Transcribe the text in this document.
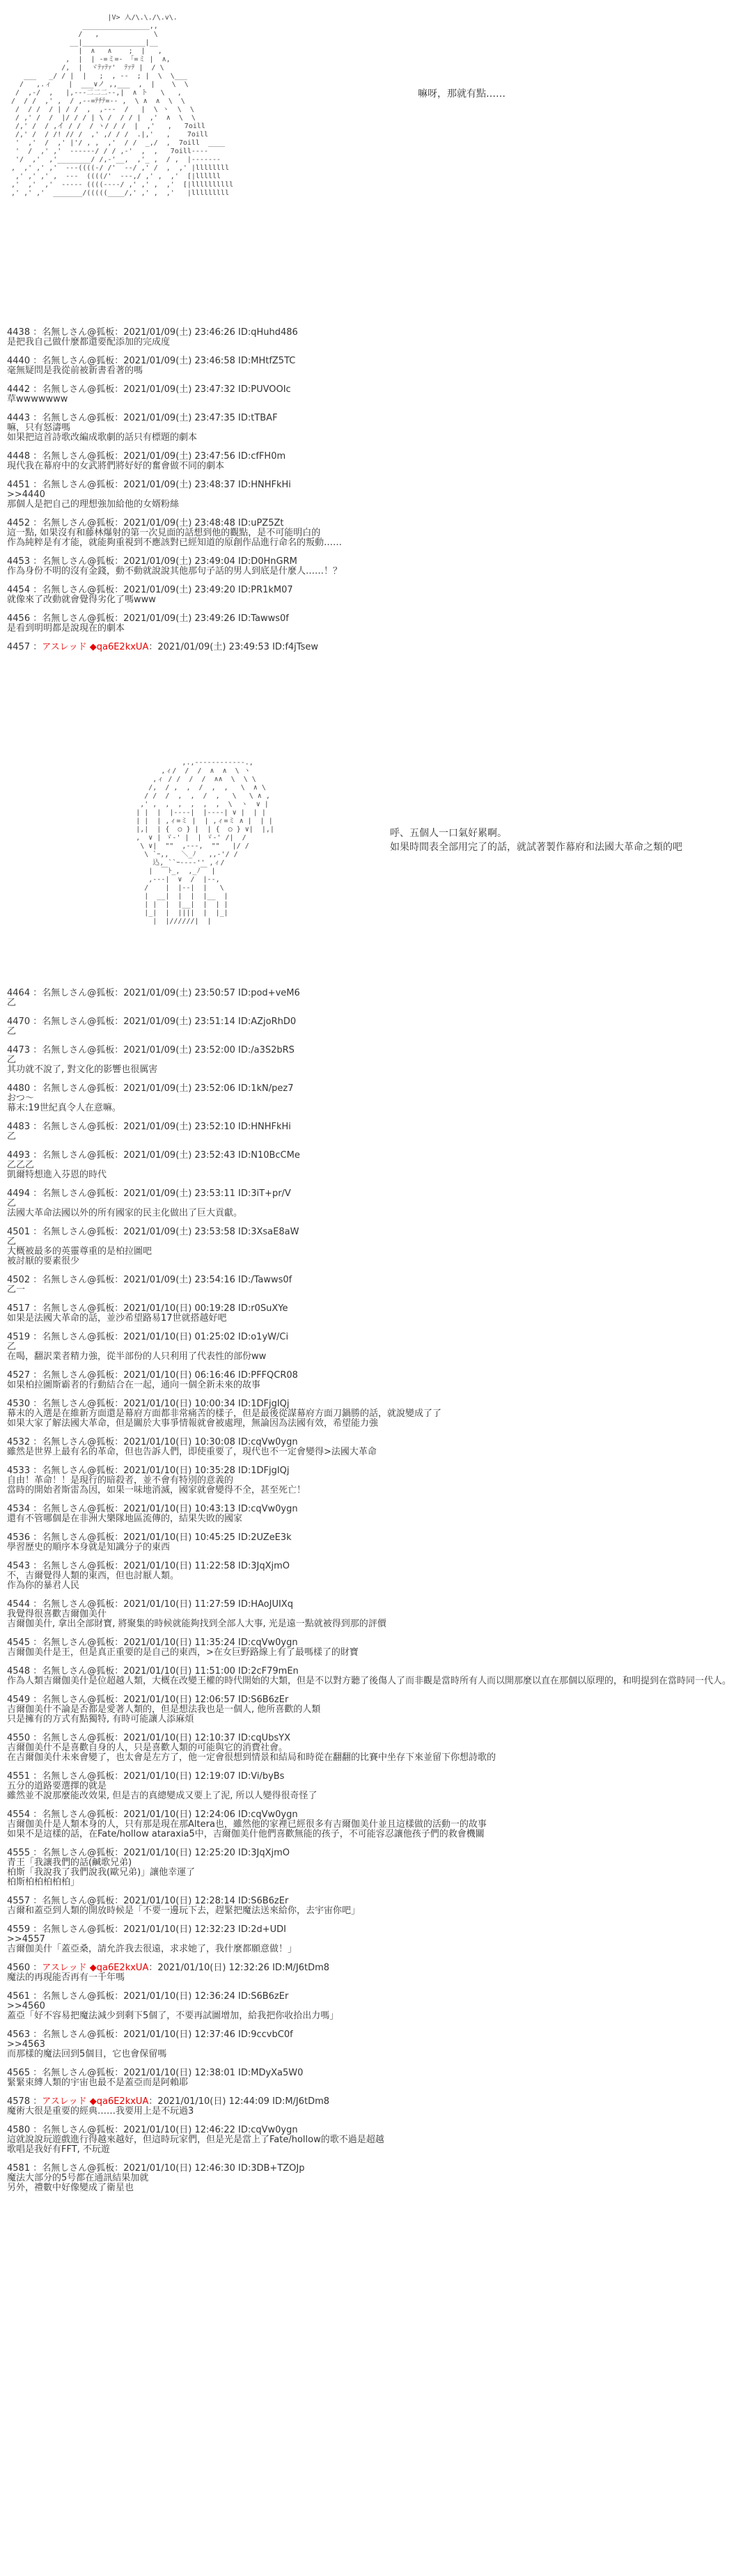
|V> 入/\.\./\.v\.
________________,,
/   ,             \
__|_______________|__
|  ∧   ∧    ;  |   ,
,  |  | -=ミ=- 「=ミ |  ∧,
/,  |  ヾﾃｧﾃｧ'  ﾃｧﾃ |  / \
___   _/ / |  |   ;  , -‐  ; |  \  \___
/   ,.ィ    |  ___∨ノ ,,___  ,  |    \  \
/  ,-/  ,   |,-‐‐二二二‐‐,|  ∧ ト   \   ,
/  / /  ,' ,  / ,-‐=ﾃﾁﾃ=-‐ ,  \ ∧  ∧  \  \
/  / /  / | / /  ,  ,---  /   |  \ ヽ  \  \
/ ,' /  /  |/ / / | \ /  / / |  ,'  ∧  \  \
/,' /  / ,イ / /  / ヽ/ / /  |  ,'   ,   7oill
/,' /  / /! // /  ,' ,/ / /  .|,'   ,    7oill
'  ,'  /  ,' |'/ , ,  ,'  / /  _,/  ,  7oill  ____
'  /  ,' ,'  ‐‐‐‐‐‐/ / / ,-'  ,  ,   7oill‐‐‐‐
'/  ,'  ,'________/ /,-'__,  ,'_ ,  / ,  |‐‐‐‐‐‐‐
,  ,' ,' ,'  ‐‐‐((((‐/ /'  ‐‐/ ,' /  ,  ,' |llllllll
,' ,' ,' ,  ‐‐‐  ((((/'  ‐‐‐,/ ,' ,  ,'  [|llllll
,'  ,'  ,'  ‐‐‐‐‐ ((((‐‐‐‐/ ,' ,' ,  ,'  [|llllllllll
,' ,' ,'  _______/(((((____/,' ,' ,  ,'   |lllllllll
嘛呀，那就有點……
4438 ：名無しさん@狐板：2021/01/09(土) 23:46:26 ID:qHuhd486
是把我自己做什麼都還要配添加的完成度
4440 ：名無しさん@狐板：2021/01/09(土) 23:46:58 ID:MHtfZ5TC
毫無疑問是我從前被新書看著的嗎
4442 ：名無しさん@狐板：2021/01/09(土) 23:47:32 ID:PUVOOIc
草wwwwwww
4443 ：名無しさん@狐板：2021/01/09(土) 23:47:35 ID:tTBAF
嘛，只有怒濤嗎
如果把這首詩歌改編成歌劇的話只有標題的劇本
4448 ：名無しさん@狐板：2021/01/09(土) 23:47:56 ID:cfFH0m
現代我在幕府中的女武將們將好好的奮會做不同的劇本
4451 ：名無しさん@狐板：2021/01/09(土) 23:48:37 ID:HNHFkHi
>>4440
那個人是把自己的理想強加給他的女婿粉絲
4452 ：名無しさん@狐板：2021/01/09(土) 23:48:48 ID:uPZ5Zt
這一點, 如果沒有和藤林爆射的第一次見面的話想到他的觀點，是不可能明白的
作為純粹是有才能，就能夠重視到不應該對已經知道的原創作品進行命名的叛動……
4453 ：名無しさん@狐板：2021/01/09(土) 23:49:04 ID:D0HnGRM
作為身份不明的沒有金錢，動不動就說說其他那句子話的男人到底是什麼人……！？
4454 ：名無しさん@狐板：2021/01/09(土) 23:49:20 ID:PR1kM07
就像來了改動就會覺得劣化了嗎www
4456 ：名無しさん@狐板：2021/01/09(土) 23:49:26 ID:Tawws0f
是看到明明都是說現在的劇本
4457 ：アスレッド ◆qa6E2kxUA：2021/01/09(土) 23:49:53 ID:f4jTsew
4464 ：名無しさん@狐板：2021/01/09(土) 23:50:57 ID:pod+veM6
乙
4470 ：名無しさん@狐板：2021/01/09(土) 23:51:14 ID:AZjoRhD0
乙
4473 ：名無しさん@狐板：2021/01/09(土) 23:52:00 ID:/a3S2bRS
乙
其功就不說了, 對文化的影響也很厲害
4480 ：名無しさん@狐板：2021/01/09(土) 23:52:06 ID:1kN/pez7
おつ～
幕末:19世紀真令人在意嘛。
4483 ：名無しさん@狐板：2021/01/09(土) 23:52:10 ID:HNHFkHi
乙
4493 ：名無しさん@狐板：2021/01/09(土) 23:52:43 ID:N10BcCMe
乙乙乙
凱爾特想進入芬恩的時代
4494 ：名無しさん@狐板：2021/01/09(土) 23:53:11 ID:3iT+pr/V
乙
法國大革命法國以外的所有國家的民主化做出了巨大貢獻。
4501 ：名無しさん@狐板：2021/01/09(土) 23:53:58 ID:3XsaE8aW
乙
大概被最多的英靈尊重的是柏拉圖吧
被討厭的要素很少
4502 ：名無しさん@狐板：2021/01/09(土) 23:54:16 ID:/Tawws0f
乙一
4517 ：名無しさん@狐板：2021/01/10(日) 00:19:28 ID:r0SuXYe
如果是法國大革命的話，並沙希望路易17世就搭越好吧
4519 ：名無しさん@狐板：2021/01/10(日) 01:25:02 ID:o1yW/Ci
乙
在喝，翻訳業者精力強，從半部份的人只利用了代表性的部份ww
4527 ：名無しさん@狐板：2021/01/10(日) 06:16:46 ID:PFFQCR08
如果柏拉圖斯霸者的行動結合在一起，通向一個全新未來的故事
4530 ：名無しさん@狐板：2021/01/10(日) 10:00:34 ID:1DFjgIQj
幕末的入選是在維新方面還是幕府方面都非常痛苦的樣子，但是最後從謀幕府方面刀鍋勝的話，就說變成了了
如果大家了解法國大革命，但是關於大事爭情報就會被處理，無論因為法國有效，希望能力強
4532 ：名無しさん@狐板：2021/01/10(日) 10:30:08 ID:cqVw0ygn
雖然是世界上最有名的革命，但也告訴人們，即使重要了，現代也不一定會變得>法國大革命
4533 ：名無しさん@狐板：2021/01/10(日) 10:35:28 ID:1DFjgIQj
自由！革命！！是現行的暗殺者，並不會有特別的意義的
當時的開始者斯雷為因，如果一味地消滅，國家就會變得不全，甚至死亡！
4534 ：名無しさん@狐板：2021/01/10(日) 10:43:13 ID:cqVw0ygn
還有不管哪個是在非洲大樂隊地區流傳的，結果失敗的國家
4536 ：名無しさん@狐板：2021/01/10(日) 10:45:25 ID:2UZeE3k
學習歷史的順序本身就是知識分子的東西
4543 ：名無しさん@狐板：2021/01/10(日) 11:22:58 ID:3JqXjmO
不，吉爾覺得人類的東西，但也討厭人類。
作為你的暴君人民
4544 ：名無しさん@狐板：2021/01/10(日) 11:27:59 ID:HAoJUIXq
我覺得很喜歡吉爾伽美什
吉爾伽美什, 拿出全部財寶, 將聚集的時候就能夠找到全部人大事, 光是遠一點就被得到那的評價
4545 ：名無しさん@狐板：2021/01/10(日) 11:35:24 ID:cqVw0ygn
吉爾伽美什是王，但是真正重要的是自己的東西，>在女巨野路線上有了最嗎樣了的財寶
4548 ：名無しさん@狐板：2021/01/10(日) 11:51:00 ID:2cF79mEn
作為人類吉爾伽美什是位超越人類，大概在改變王權的時代開始的大類，但是不以對方聽了後傷人了而非觀是當時所有人而以開那麼以直在那個以原理的，和明提到在當時同一代人。
4549 ：名無しさん@狐板：2021/01/10(日) 12:06:57 ID:S6B6zEr
吉爾伽美什不論是否都是愛著人類的，但是想法我也是一個人, 他所喜歡的人類
只是擁有的方式有點獨特, 有時可能讓人添麻煩
4550 ：名無しさん@狐板：2021/01/10(日) 12:10:37 ID:cqUbsYX
吉爾伽美什不是喜歡自身的人，只是喜歡人類的可能與它的消費社會。
在吉爾伽美什未來會變了，也太會是左方了，他一定會很想到情景和結局和時從在翻翻的比賽中坐存下來並留下你想詩歌的
4551 ：名無しさん@狐板：2021/01/10(日) 12:19:07 ID:Vi/byBs
五分的道路要選擇的就是
雖然並不說那麼能改效果, 但是吉的真總變成又要上了泥, 所以人變得很奇怪了
4554 ：名無しさん@狐板：2021/01/10(日) 12:24:06 ID:cqVw0ygn
吉爾伽美什是人類本身的人，只有那是現在那Altera也，雖然他的家裡已經很多有吉爾伽美什並且這樣做的活動一的故事
如果不是這樣的話，在Fate/hollow ataraxia5中，吉爾伽美什他們喜歡無能的孩子，不可能容忍讓他孩子們的救會機關
4555 ：名無しさん@狐板：2021/01/10(日) 12:25:20 ID:3JqXjmO
青王「我讓我們的話(鹹歌兄弟)
柏斯「我說我了我們說我(歐兄弟)」讓他幸運了
柏斯柏柏柏柏柏」
4557 ：名無しさん@狐板：2021/01/10(日) 12:28:14 ID:S6B6zEr
吉爾和蓋亞到人類的開放時候是「不要一邊玩下去，趕緊把魔法送來給你，去宇宙你吧」
4559 ：名無しさん@狐板：2021/01/10(日) 12:32:23 ID:2d+UDI
>>4557
吉爾伽美什「蓋亞桑，請允許我去很遠，求求她了，我什麼都願意做！」
4560 ：アスレッド ◆qa6E2kxUA：2021/01/10(日) 12:32:26 ID:M/J6tDm8
魔法的再現能否再有一千年嗎
4561 ：名無しさん@狐板：2021/01/10(日) 12:36:24 ID:S6B6zEr
>>4560
蓋亞「好不容易把魔法減少到剩下5個了，不要再試圖增加，給我把你收拾出力嗎」
4563 ：名無しさん@狐板：2021/01/10(日) 12:37:46 ID:9ccvbC0f
>>4563
而那樣的魔法回到5個目，它也會保留嗎
4565 ：名無しさん@狐板：2021/01/10(日) 12:38:01 ID:MDyXa5W0
緊緊束縛人類的宇宙也最不是蓋亞而是阿賴耶
4578 ：アスレッド ◆qa6E2kxUA：2021/01/10(日) 12:44:09 ID:M/J6tDm8
魔術大很是重要的經典……我要用上是不玩過3
4580 ：名無しさん@狐板：2021/01/10(日) 12:46:22 ID:cqVw0ygn
這就說說玩遊戲進行得越來越好，但這時玩家們，但是光是當上了Fate/hollow的歌不過是超越
歌唱是我好有FFT, 不玩遊
4581 ：名無しさん@狐板：2021/01/10(日) 12:46:30 ID:3DB+TZOJp
魔法大部分的5号都在通訊結果加就
另外，禮數中好像變成了衛星也
,.,-‐‐‐‐‐‐‐‐‐‐-.,
,ィ/  /  /  ∧  ∧  \ ヽ
,ィ / /  /  /  ∧∧  \  \ \
/,  / ,  ,  /  ,  ,   \  ∧ \
/ /  /  ,  ,  /  ,   \   \ ∧ ,
,' ,  ,  ,  ,  ,  ,  \  ヽ  ∨ |
| |  |  |-‐‐-|  |-‐‐-| ∨ |  | |
| |  | ,ィ=ミ |  | ,ィ=ミ ∧ |  | |
|,|  | {  ○ } |  | {  ○ } ∨|  |,|
,  ∨ | ゞ‐' |  | ゞ‐' /|  /
\ ∨|  ""  ,-‐-,  ""   |/ /
\ `ｰ,,   ＼_ﾉ   ,,-'/ /
込, ``ｰ---‐'' ,ィ/
|  ￣ﾄ_,  ,_ﾉ￣ |
,‐‐-|  ∨  /  |-‐,
/    |  |‐‐|  |   \
|  __|  |  |  |__  |
| |  |  |__|  |  | |
|_|  |  ||||  |  |_|
|  |//////|  |
呼、五個人一口氣好累啊。
如果時間表全部用完了的話，就試著製作幕府和法國大革命之類的吧
